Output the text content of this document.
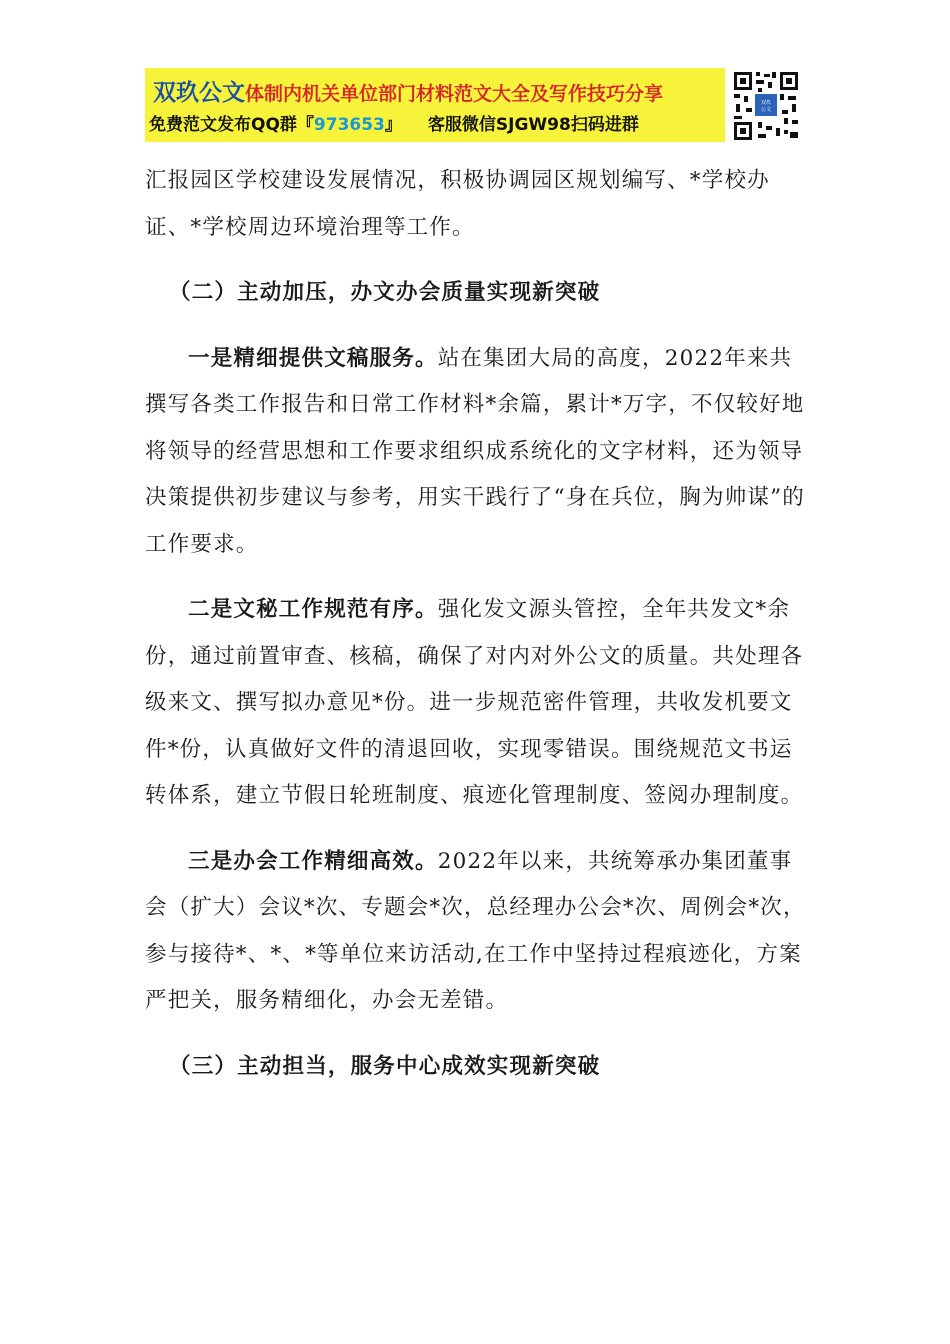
双玖公文体制内机关单位部门材料范文大全及写作技巧分享
免费范文发布QQ群『973653』 客服微信SJGW98扫码进群
双玖
公文

汇报园区学校建设发展情况，积极协调园区规划编写、*学校办证、*学校周边环境治理等工作。

（二）主动加压，办文办会质量实现新突破

一是精细提供文稿服务。站在集团大局的高度，2022年来共撰写各类工作报告和日常工作材料*余篇，累计*万字，不仅较好地将领导的经营思想和工作要求组织成系统化的文字材料，还为领导决策提供初步建议与参考，用实干践行了“身在兵位，胸为帅谋”的工作要求。

二是文秘工作规范有序。强化发文源头管控，全年共发文*余份，通过前置审查、核稿，确保了对内对外公文的质量。共处理各级来文、撰写拟办意见*份。进一步规范密件管理，共收发机要文件*份，认真做好文件的清退回收，实现零错误。围绕规范文书运转体系，建立节假日轮班制度、痕迹化管理制度、签阅办理制度。

三是办会工作精细高效。2022年以来，共统筹承办集团董事会（扩大）会议*次、专题会*次，总经理办公会*次、周例会*次，参与接待*、*、*等单位来访活动,在工作中坚持过程痕迹化，方案严把关，服务精细化，办会无差错。

（三）主动担当，服务中心成效实现新突破
